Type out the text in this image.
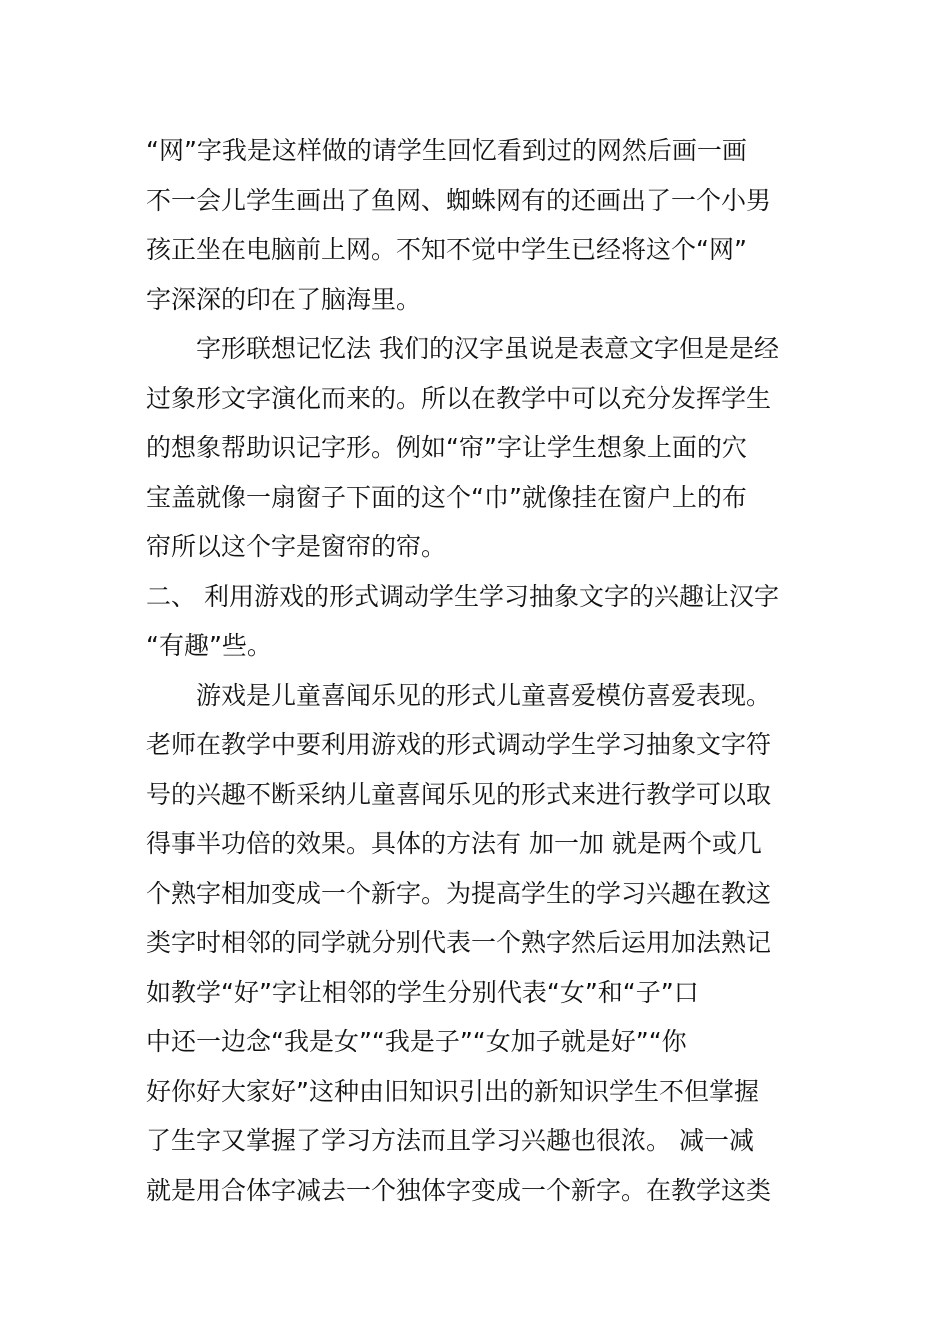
“网”字我是这样做的请学生回忆看到过的网然后画一画
不一会儿学生画出了鱼网、蜘蛛网有的还画出了一个小男
孩正坐在电脑前上网。不知不觉中学生已经将这个“网”
字深深的印在了脑海里。
字形联想记忆法 我们的汉字虽说是表意文字但是是经
过象形文字演化而来的。所以在教学中可以充分发挥学生
的想象帮助识记字形。例如“帘”字让学生想象上面的穴
宝盖就像一扇窗子下面的这个“巾”就像挂在窗户上的布
帘所以这个字是窗帘的帘。
二、 利用游戏的形式调动学生学习抽象文字的兴趣让汉字
“有趣”些。
游戏是儿童喜闻乐见的形式儿童喜爱模仿喜爱表现。
老师在教学中要利用游戏的形式调动学生学习抽象文字符
号的兴趣不断采纳儿童喜闻乐见的形式来进行教学可以取
得事半功倍的效果。具体的方法有 加一加 就是两个或几
个熟字相加变成一个新字。为提高学生的学习兴趣在教这
类字时相邻的同学就分别代表一个熟字然后运用加法熟记
如教学“好”字让相邻的学生分别代表“女”和“子”口
中还一边念“我是女”“我是子”“女加子就是好”“你
好你好大家好”这种由旧知识引出的新知识学生不但掌握
了生字又掌握了学习方法而且学习兴趣也很浓。 减一减
就是用合体字减去一个独体字变成一个新字。在教学这类
